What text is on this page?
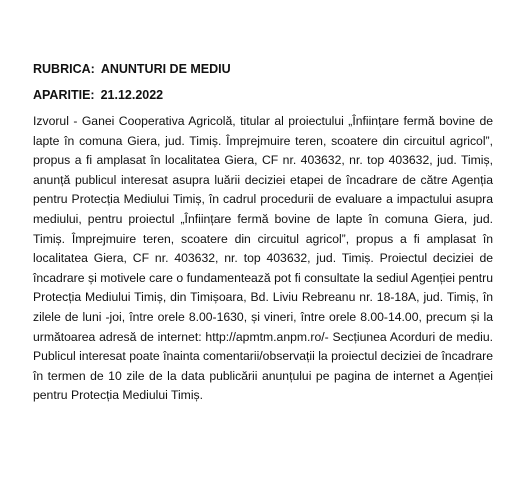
RUBRICA: ANUNTURI DE MEDIU

APARITIE: 21.12.2022

Izvorul - Ganei Cooperativa Agricolă, titular al proiectului „Înființare fermă bovine de lapte în comuna Giera, jud. Timiș. Împrejmuire teren, scoatere din circuitul agricol”, propus a fi amplasat în localitatea Giera, CF nr. 403632, nr. top 403632, jud. Timiș, anunță publicul interesat asupra luării deciziei etapei de încadrare de către Agenția pentru Protecția Mediului Timiș, în cadrul procedurii de evaluare a impactului asupra mediului, pentru proiectul „Înființare fermă bovine de lapte în comuna Giera, jud. Timiș. Împrejmuire teren, scoatere din circuitul agricol”, propus a fi amplasat în localitatea Giera, CF nr. 403632, nr. top 403632, jud. Timiș. Proiectul deciziei de încadrare și motivele care o fundamentează pot fi consultate la sediul Agenției pentru Protecția Mediului Timiș, din Timișoara, Bd. Liviu Rebreanu nr. 18-18A, jud. Timiș, în zilele de luni -joi, între orele 8.00-1630, și vineri, între orele 8.00-14.00, precum și la următoarea adresă de internet: http://apmtm.anpm.ro/- Secțiunea Acorduri de mediu. Publicul interesat poate înainta comentarii/observații la proiectul deciziei de încadrare în termen de 10 zile de la data publicării anunțului pe pagina de internet a Agenției pentru Protecția Mediului Timiș.
